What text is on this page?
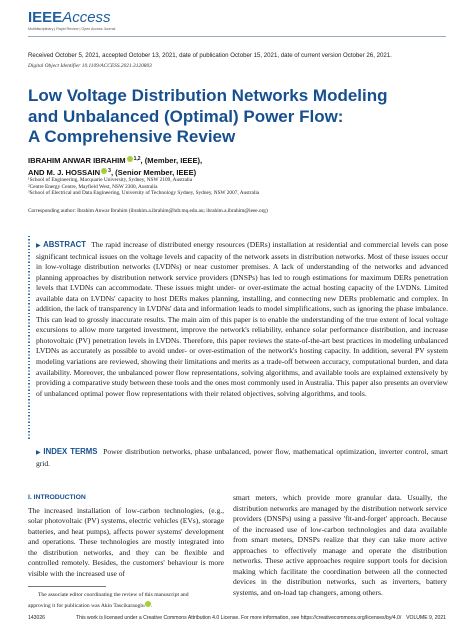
IEEEAccess
Multidisciplinary | Rapid Review | Open Access Journal
Received October 5, 2021, accepted October 13, 2021, date of publication October 15, 2021, date of current version October 26, 2021.
Digital Object Identifier 10.1109/ACCESS.2021.3120803
Low Voltage Distribution Networks Modeling
and Unbalanced (Optimal) Power Flow:
A Comprehensive Review
IBRAHIM ANWAR IBRAHIM $^{1,2}$, (Member, IEEE),
AND M. J. HOSSAIN $^3$, (Senior Member, IEEE)
¹School of Engineering, Macquarie University, Sydney, NSW 2109, Australia
²Centre Energy Centre, Mayfield West, NSW 2300, Australia
³School of Electrical and Data Engineering, University of Technology Sydney, Sydney, NSW 2007, Australia
Corresponding author: Ibrahim Anwar Ibrahim (ibrahim.a.ibrahim@hdr.mq.edu.au; ibrahim.a.ibrahim@ieee.org)
▶ ABSTRACT The rapid increase of distributed energy resources (DERs) installation at residential and commercial levels can pose significant technical issues on the voltage levels and capacity of the network assets in distribution networks. Most of these issues occur in low-voltage distribution networks (LVDNs) or near customer premises. A lack of understanding of the networks and advanced planning approaches by distribution network service providers (DNSPs) has led to rough estimations for maximum DERs penetration levels that LVDNs can accommodate. These issues might under- or over-estimate the actual hosting capacity of the LVDNs. Limited available data on LVDNs' capacity to host DERs makes planning, installing, and connecting new DERs problematic and complex. In addition, the lack of transparency in LVDNs' data and information leads to model simplifications, such as ignoring the phase imbalance. This can lead to grossly inaccurate results. The main aim of this paper is to enable the understanding of the true extent of local voltage excursions to allow more targeted investment, improve the network's reliability, enhance solar performance distribution, and increase photovoltaic (PV) penetration levels in LVDNs. Therefore, this paper reviews the state-of-the-art best practices in modeling unbalanced LVDNs as accurately as possible to avoid under- or over-estimation of the network's hosting capacity. In addition, several PV system modeling variations are reviewed, showing their limitations and merits as a trade-off between accuracy, computational burden, and data availability. Moreover, the unbalanced power flow representations, solving algorithms, and available tools are explained extensively by providing a comparative study between these tools and the ones most commonly used in Australia. This paper also presents an overview of unbalanced optimal power flow representations with their related objectives, solving algorithms, and tools.
▶ INDEX TERMS Power distribution networks, phase unbalanced, power flow, mathematical optimization, inverter control, smart grid.
I. INTRODUCTION
The increased installation of low-carbon technologies, (e.g., solar photovoltaic (PV) systems, electric vehicles (EVs), storage batteries, and heat pumps), affects power systems' development and operations. These technologies are mostly integrated into the distribution networks, and they can be flexible and controlled remotely. Besides, the customers' behaviour is more visible with the increased use of
smart meters, which provide more granular data. Usually, the distribution networks are managed by the distribution network service providers (DNSPs) using a passive 'fit-and-forget' approach. Because of the increased use of low-carbon technologies and data available from smart meters, DNSPs realize that they can take more active approaches to effectively manage and operate the distribution networks. These active approaches require support tools for decision making which facilitate the coordination between all the connected devices in the distribution networks, such as inverters, battery systems, and on-load tap changers, among others.
The associate editor coordinating the review of this manuscript and
approving it for publication was Akin Tascikaraoglu .
143026	This work is licensed under a Creative Commons Attribution 4.0 License. For more information, see https://creativecommons.org/licenses/by/4.0/ VOLUME 9, 2021
